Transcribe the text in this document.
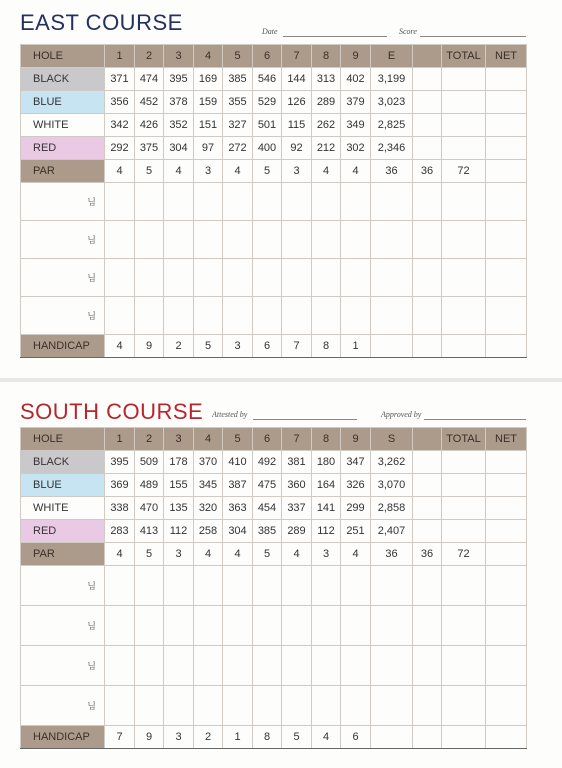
EAST COURSE	Date	Score
HOLE	1	2	3	4	5	6	7	8	9	E		TOTAL	NET
BLACK	371	474	395	169	385	546	144	313	402	3,199			
BLUE	356	452	378	159	355	529	126	289	379	3,023			
WHITE	342	426	352	151	327	501	115	262	349	2,825			
RED	292	375	304	97	272	400	92	212	302	2,346			
PAR	4	5	4	3	4	5	3	4	4	36	36	72	
님													
님													
님													
님													
HANDICAP	4	9	2	5	3	6	7	8	1				
SOUTH COURSE Attested by	Approved by
HOLE	1	2	3	4	5	6	7	8	9	S		TOTAL	NET
BLACK	395	509	178	370	410	492	381	180	347	3,262			
BLUE	369	489	155	345	387	475	360	164	326	3,070			
WHITE	338	470	135	320	363	454	337	141	299	2,858			
RED	283	413	112	258	304	385	289	112	251	2,407			
PAR	4	5	3	4	4	5	4	3	4	36	36	72	
님													
님													
님													
님													
HANDICAP	7	9	3	2	1	8	5	4	6				
